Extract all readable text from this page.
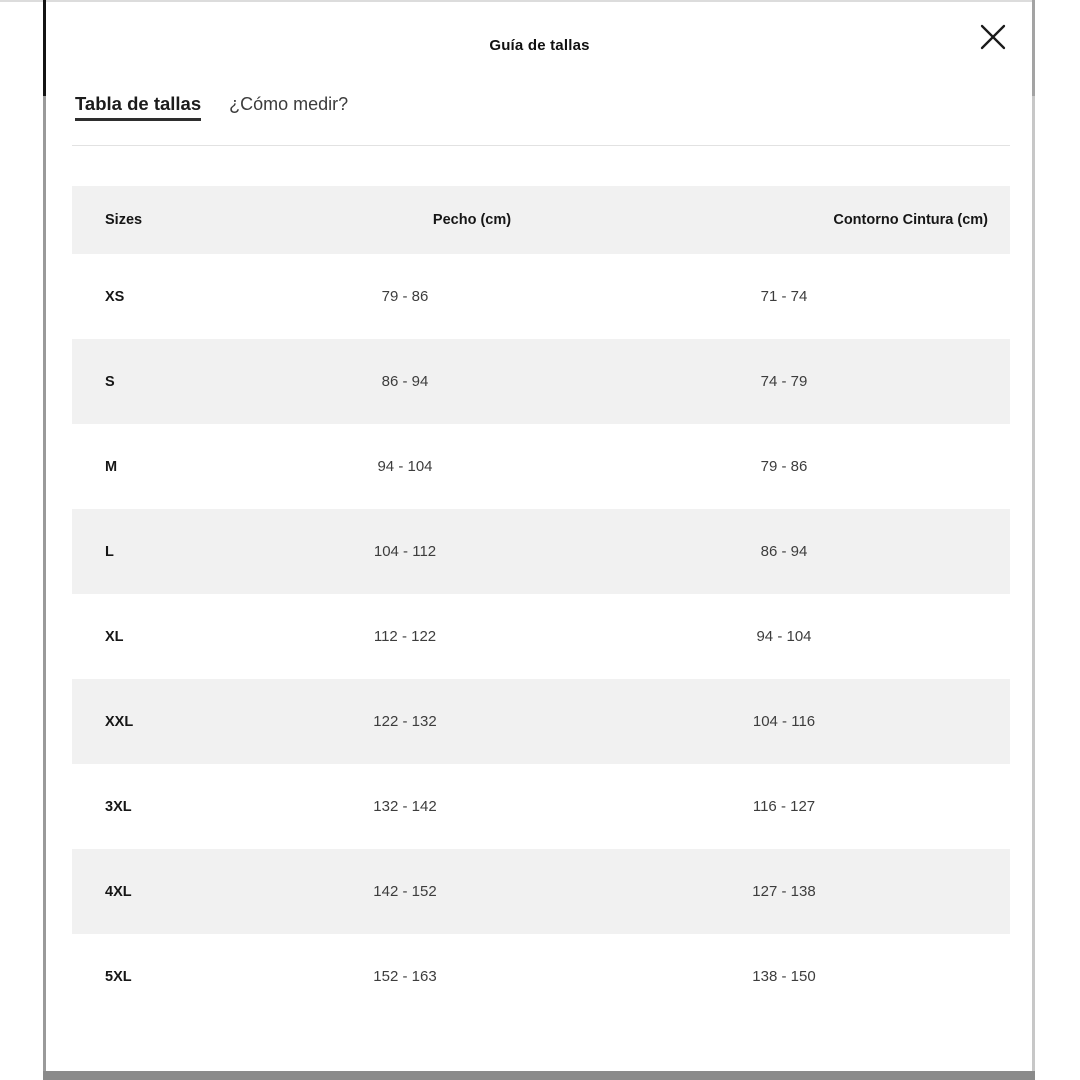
Guía de tallas
Tabla de tallas ¿Cómo medir?
Sizes	Pecho (cm)	Contorno Cintura (cm)
XS	79 - 86	71 - 74
S	86 - 94	74 - 79
M	94 - 104	79 - 86
L	104 - 112	86 - 94
XL	112 - 122	94 - 104
XXL	122 - 132	104 - 116
3XL	132 - 142	116 - 127
4XL	142 - 152	127 - 138
5XL	152 - 163	138 - 150
